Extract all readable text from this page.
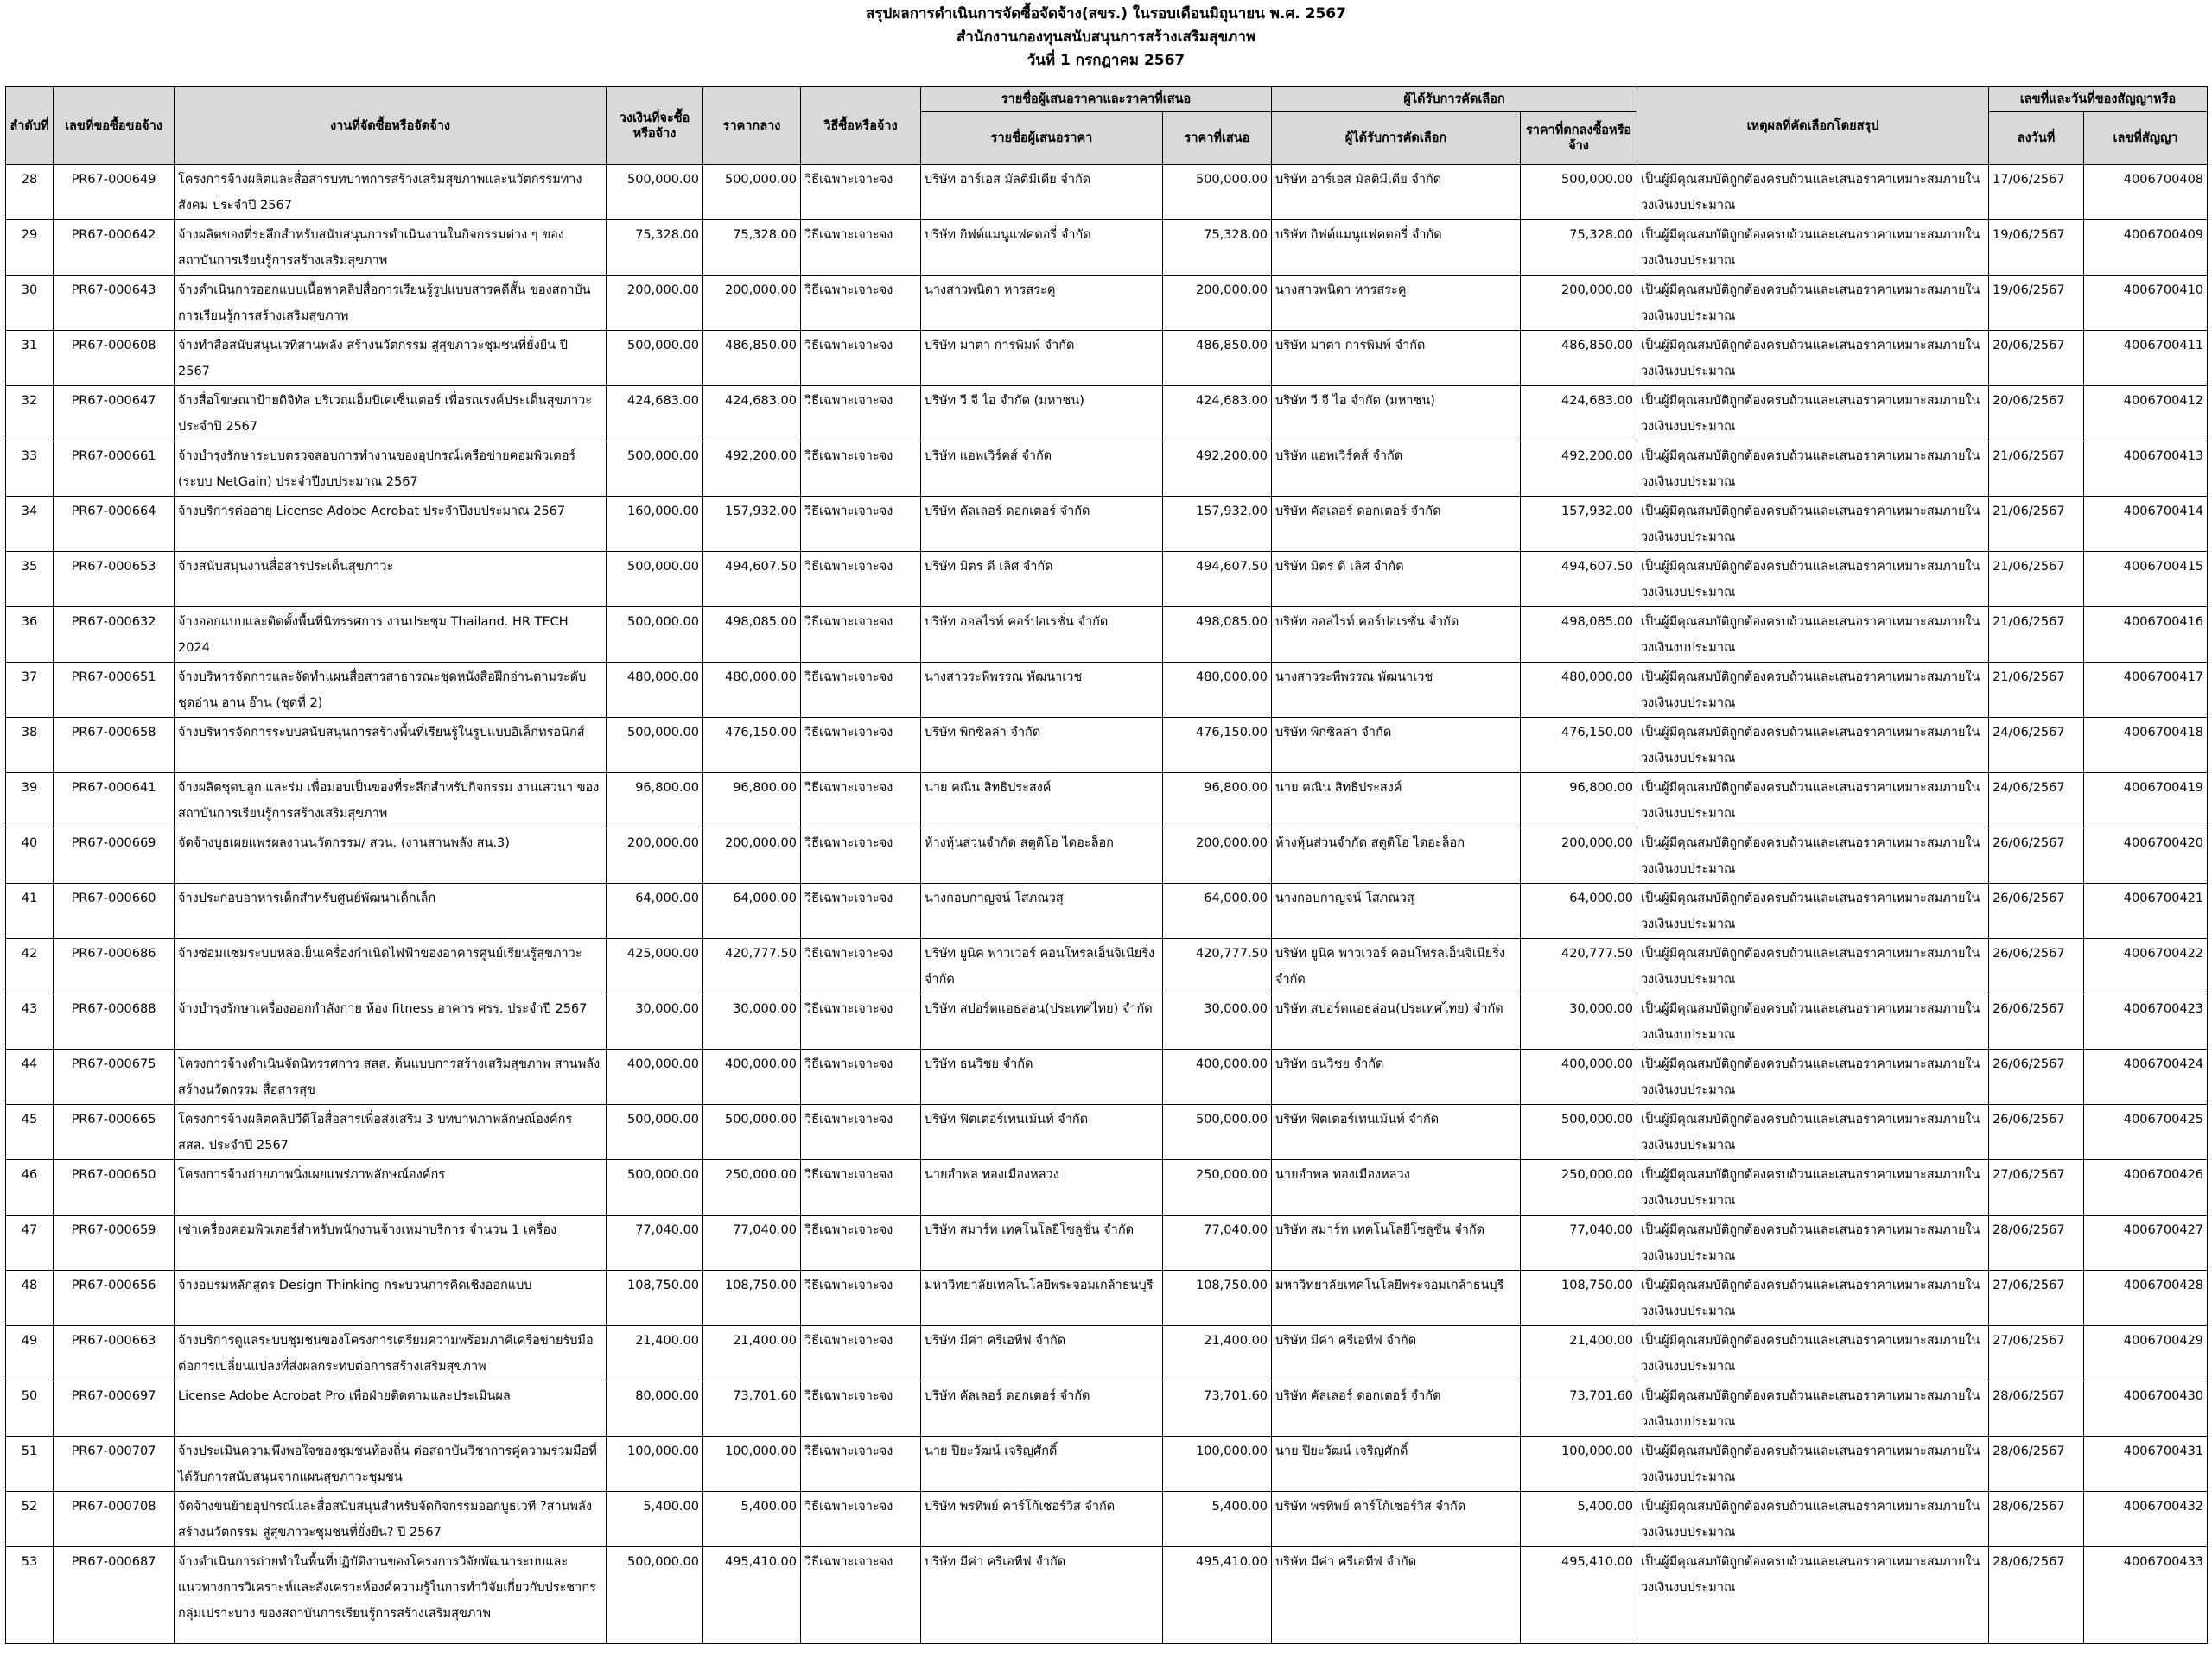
สรุปผลการดำเนินการจัดซื้อจัดจ้าง(สขร.) ในรอบเดือนมิถุนายน พ.ศ. 2567
สำนักงานกองทุนสนับสนุนการสร้างเสริมสุขภาพ
วันที่ 1 กรกฎาคม 2567
ลำดับที่	เลขที่ขอซื้อขอจ้าง	งานที่จัดซื้อหรือจัดจ้าง	วงเงินที่จะซื้อหรือจ้าง	ราคากลาง	วิธีซื้อหรือจ้าง	รายชื่อผู้เสนอราคาและราคาที่เสนอ		ผู้ได้รับการคัดเลือก		เหตุผลที่คัดเลือกโดยสรุป	เลขที่และวันที่ของสัญญาหรือ	
						รายชื่อผู้เสนอราคา	ราคาที่เสนอ	ผู้ได้รับการคัดเลือก	ราคาที่ตกลงซื้อหรือจ้าง		ลงวันที่	เลขที่สัญญา
28	PR67-000649	โครงการจ้างผลิตและสื่อสารบทบาทการสร้างเสริมสุขภาพและนวัตกรรมทางสังคม ประจำปี 2567	500,000.00	500,000.00	วิธีเฉพาะเจาะจง	บริษัท อาร์เอส มัลติมีเดีย จำกัด	500,000.00	บริษัท อาร์เอส มัลติมีเดีย จำกัด	500,000.00	เป็นผู้มีคุณสมบัติถูกต้องครบถ้วนและเสนอราคาเหมาะสมภายในวงเงินงบประมาณ	17/06/2567	4006700408
29	PR67-000642	จ้างผลิตของที่ระลึกสำหรับสนับสนุนการดำเนินงานในกิจกรรมต่าง ๆ ของสถาบันการเรียนรู้การสร้างเสริมสุขภาพ	75,328.00	75,328.00	วิธีเฉพาะเจาะจง	บริษัท กิฟต์แมนูแฟคตอรี่ จำกัด	75,328.00	บริษัท กิฟต์แมนูแฟคตอรี่ จำกัด	75,328.00	เป็นผู้มีคุณสมบัติถูกต้องครบถ้วนและเสนอราคาเหมาะสมภายในวงเงินงบประมาณ	19/06/2567	4006700409
30	PR67-000643	จ้างดำเนินการออกแบบเนื้อหาคลิปสื่อการเรียนรู้รูปแบบสารคดีสั้น ของสถาบันการเรียนรู้การสร้างเสริมสุขภาพ	200,000.00	200,000.00	วิธีเฉพาะเจาะจง	นางสาวพนิดา หารสระคู	200,000.00	นางสาวพนิดา หารสระคู	200,000.00	เป็นผู้มีคุณสมบัติถูกต้องครบถ้วนและเสนอราคาเหมาะสมภายในวงเงินงบประมาณ	19/06/2567	4006700410
31	PR67-000608	จ้างทำสื่อสนับสนุนเวทีสานพลัง สร้างนวัตกรรม สู่สุขภาวะชุมชนที่ยั่งยืน ปี 2567	500,000.00	486,850.00	วิธีเฉพาะเจาะจง	บริษัท มาตา การพิมพ์ จำกัด	486,850.00	บริษัท มาตา การพิมพ์ จำกัด	486,850.00	เป็นผู้มีคุณสมบัติถูกต้องครบถ้วนและเสนอราคาเหมาะสมภายในวงเงินงบประมาณ	20/06/2567	4006700411
32	PR67-000647	จ้างสื่อโฆษณาป้ายดิจิทัล บริเวณเอ็มบีเคเซ็นเตอร์ เพื่อรณรงค์ประเด็นสุขภาวะ ประจำปี 2567	424,683.00	424,683.00	วิธีเฉพาะเจาะจง	บริษัท วี จี ไอ จำกัด (มหาชน)	424,683.00	บริษัท วี จี ไอ จำกัด (มหาชน)	424,683.00	เป็นผู้มีคุณสมบัติถูกต้องครบถ้วนและเสนอราคาเหมาะสมภายในวงเงินงบประมาณ	20/06/2567	4006700412
33	PR67-000661	จ้างบำรุงรักษาระบบตรวจสอบการทำงานของอุปกรณ์เครือข่ายคอมพิวเตอร์ (ระบบ NetGain) ประจำปีงบประมาณ 2567	500,000.00	492,200.00	วิธีเฉพาะเจาะจง	บริษัท แอพเวิร์คส์ จำกัด	492,200.00	บริษัท แอพเวิร์คส์ จำกัด	492,200.00	เป็นผู้มีคุณสมบัติถูกต้องครบถ้วนและเสนอราคาเหมาะสมภายในวงเงินงบประมาณ	21/06/2567	4006700413
34	PR67-000664	จ้างบริการต่ออายุ License Adobe Acrobat ประจำปีงบประมาณ 2567	160,000.00	157,932.00	วิธีเฉพาะเจาะจง	บริษัท คัลเลอร์ ดอกเตอร์ จำกัด	157,932.00	บริษัท คัลเลอร์ ดอกเตอร์ จำกัด	157,932.00	เป็นผู้มีคุณสมบัติถูกต้องครบถ้วนและเสนอราคาเหมาะสมภายในวงเงินงบประมาณ	21/06/2567	4006700414
35	PR67-000653	จ้างสนับสนุนงานสื่อสารประเด็นสุขภาวะ	500,000.00	494,607.50	วิธีเฉพาะเจาะจง	บริษัท มิตร ดี เลิศ จำกัด	494,607.50	บริษัท มิตร ดี เลิศ จำกัด	494,607.50	เป็นผู้มีคุณสมบัติถูกต้องครบถ้วนและเสนอราคาเหมาะสมภายในวงเงินงบประมาณ	21/06/2567	4006700415
36	PR67-000632	จ้างออกแบบและติดตั้งพื้นที่นิทรรศการ งานประชุม Thailand. HR TECH 2024	500,000.00	498,085.00	วิธีเฉพาะเจาะจง	บริษัท ออลไรท์ คอร์ปอเรชั่น จำกัด	498,085.00	บริษัท ออลไรท์ คอร์ปอเรชั่น จำกัด	498,085.00	เป็นผู้มีคุณสมบัติถูกต้องครบถ้วนและเสนอราคาเหมาะสมภายในวงเงินงบประมาณ	21/06/2567	4006700416
37	PR67-000651	จ้างบริหารจัดการและจัดทำแผนสื่อสารสาธารณะชุดหนังสือฝึกอ่านตามระดับชุดอ่าน อาน อ๊าน (ชุดที่ 2)	480,000.00	480,000.00	วิธีเฉพาะเจาะจง	นางสาวระพีพรรณ พัฒนาเวช	480,000.00	นางสาวระพีพรรณ พัฒนาเวช	480,000.00	เป็นผู้มีคุณสมบัติถูกต้องครบถ้วนและเสนอราคาเหมาะสมภายในวงเงินงบประมาณ	21/06/2567	4006700417
38	PR67-000658	จ้างบริหารจัดการระบบสนับสนุนการสร้างพื้นที่เรียนรู้ในรูปแบบอิเล็กทรอนิกส์	500,000.00	476,150.00	วิธีเฉพาะเจาะจง	บริษัท พิกซิลล่า จำกัด	476,150.00	บริษัท พิกซิลล่า จำกัด	476,150.00	เป็นผู้มีคุณสมบัติถูกต้องครบถ้วนและเสนอราคาเหมาะสมภายในวงเงินงบประมาณ	24/06/2567	4006700418
39	PR67-000641	จ้างผลิตชุดปลูก และร่ม เพื่อมอบเป็นของที่ระลึกสำหรับกิจกรรม งานเสวนา ของสถาบันการเรียนรู้การสร้างเสริมสุขภาพ	96,800.00	96,800.00	วิธีเฉพาะเจาะจง	นาย คณิน สิทธิประสงค์	96,800.00	นาย คณิน สิทธิประสงค์	96,800.00	เป็นผู้มีคุณสมบัติถูกต้องครบถ้วนและเสนอราคาเหมาะสมภายในวงเงินงบประมาณ	24/06/2567	4006700419
40	PR67-000669	จัดจ้างบูธเผยแพร่ผลงานนวัตกรรม/ สวน. (งานสานพลัง สน.3)	200,000.00	200,000.00	วิธีเฉพาะเจาะจง	ห้างหุ้นส่วนจำกัด สตูดิโอ ไดอะล็อก	200,000.00	ห้างหุ้นส่วนจำกัด สตูดิโอ ไดอะล็อก	200,000.00	เป็นผู้มีคุณสมบัติถูกต้องครบถ้วนและเสนอราคาเหมาะสมภายในวงเงินงบประมาณ	26/06/2567	4006700420
41	PR67-000660	จ้างประกอบอาหารเด็กสำหรับศูนย์พัฒนาเด็กเล็ก	64,000.00	64,000.00	วิธีเฉพาะเจาะจง	นางกอบกาญจน์ โสภณวสุ	64,000.00	นางกอบกาญจน์ โสภณวสุ	64,000.00	เป็นผู้มีคุณสมบัติถูกต้องครบถ้วนและเสนอราคาเหมาะสมภายในวงเงินงบประมาณ	26/06/2567	4006700421
42	PR67-000686	จ้างซ่อมแซมระบบหล่อเย็นเครื่องกำเนิดไฟฟ้าของอาคารศูนย์เรียนรู้สุขภาวะ	425,000.00	420,777.50	วิธีเฉพาะเจาะจง	บริษัท ยูนิค พาวเวอร์ คอนโทรลเอ็นจิเนียริ่ง จำกัด	420,777.50	บริษัท ยูนิค พาวเวอร์ คอนโทรลเอ็นจิเนียริ่ง จำกัด	420,777.50	เป็นผู้มีคุณสมบัติถูกต้องครบถ้วนและเสนอราคาเหมาะสมภายในวงเงินงบประมาณ	26/06/2567	4006700422
43	PR67-000688	จ้างบำรุงรักษาเครื่องออกกำลังกาย ห้อง fitness อาคาร ศรร. ประจำปี 2567	30,000.00	30,000.00	วิธีเฉพาะเจาะจง	บริษัท สปอร์ตแอธล่อน(ประเทศไทย) จำกัด	30,000.00	บริษัท สปอร์ตแอธล่อน(ประเทศไทย) จำกัด	30,000.00	เป็นผู้มีคุณสมบัติถูกต้องครบถ้วนและเสนอราคาเหมาะสมภายในวงเงินงบประมาณ	26/06/2567	4006700423
44	PR67-000675	โครงการจ้างดำเนินจัดนิทรรศการ สสส. ต้นแบบการสร้างเสริมสุขภาพ สานพลัง สร้างนวัตกรรม สื่อสารสุข	400,000.00	400,000.00	วิธีเฉพาะเจาะจง	บริษัท ธนวิชย จำกัด	400,000.00	บริษัท ธนวิชย จำกัด	400,000.00	เป็นผู้มีคุณสมบัติถูกต้องครบถ้วนและเสนอราคาเหมาะสมภายในวงเงินงบประมาณ	26/06/2567	4006700424
45	PR67-000665	โครงการจ้างผลิตคลิปวีดีโอสื่อสารเพื่อส่งเสริม 3 บทบาทภาพลักษณ์องค์กร สสส. ประจำปี 2567	500,000.00	500,000.00	วิธีเฉพาะเจาะจง	บริษัท ฟิตเตอร์เทนเม้นท์ จำกัด	500,000.00	บริษัท ฟิตเตอร์เทนเม้นท์ จำกัด	500,000.00	เป็นผู้มีคุณสมบัติถูกต้องครบถ้วนและเสนอราคาเหมาะสมภายในวงเงินงบประมาณ	26/06/2567	4006700425
46	PR67-000650	โครงการจ้างถ่ายภาพนิ่งเผยแพร่ภาพลักษณ์องค์กร	500,000.00	250,000.00	วิธีเฉพาะเจาะจง	นายอำพล ทองเมืองหลวง	250,000.00	นายอำพล ทองเมืองหลวง	250,000.00	เป็นผู้มีคุณสมบัติถูกต้องครบถ้วนและเสนอราคาเหมาะสมภายในวงเงินงบประมาณ	27/06/2567	4006700426
47	PR67-000659	เช่าเครื่องคอมพิวเตอร์สำหรับพนักงานจ้างเหมาบริการ จำนวน 1 เครื่อง	77,040.00	77,040.00	วิธีเฉพาะเจาะจง	บริษัท สมาร์ท เทคโนโลยีโซลูชั่น จำกัด	77,040.00	บริษัท สมาร์ท เทคโนโลยีโซลูชั่น จำกัด	77,040.00	เป็นผู้มีคุณสมบัติถูกต้องครบถ้วนและเสนอราคาเหมาะสมภายในวงเงินงบประมาณ	28/06/2567	4006700427
48	PR67-000656	จ้างอบรมหลักสูตร Design Thinking กระบวนการคิดเชิงออกแบบ	108,750.00	108,750.00	วิธีเฉพาะเจาะจง	มหาวิทยาลัยเทคโนโลยีพระจอมเกล้าธนบุรี	108,750.00	มหาวิทยาลัยเทคโนโลยีพระจอมเกล้าธนบุรี	108,750.00	เป็นผู้มีคุณสมบัติถูกต้องครบถ้วนและเสนอราคาเหมาะสมภายในวงเงินงบประมาณ	27/06/2567	4006700428
49	PR67-000663	จ้างบริการดูแลระบบชุมชนของโครงการเตรียมความพร้อมภาคีเครือข่ายรับมือต่อการเปลี่ยนแปลงที่ส่งผลกระทบต่อการสร้างเสริมสุขภาพ	21,400.00	21,400.00	วิธีเฉพาะเจาะจง	บริษัท มีค่า ครีเอทีฟ จำกัด	21,400.00	บริษัท มีค่า ครีเอทีฟ จำกัด	21,400.00	เป็นผู้มีคุณสมบัติถูกต้องครบถ้วนและเสนอราคาเหมาะสมภายในวงเงินงบประมาณ	27/06/2567	4006700429
50	PR67-000697	License Adobe Acrobat Pro เพื่อฝ่ายติดตามและประเมินผล	80,000.00	73,701.60	วิธีเฉพาะเจาะจง	บริษัท คัลเลอร์ ดอกเตอร์ จำกัด	73,701.60	บริษัท คัลเลอร์ ดอกเตอร์ จำกัด	73,701.60	เป็นผู้มีคุณสมบัติถูกต้องครบถ้วนและเสนอราคาเหมาะสมภายในวงเงินงบประมาณ	28/06/2567	4006700430
51	PR67-000707	จ้างประเมินความพึงพอใจของชุมชนท้องถิ่น ต่อสถาบันวิชาการคู่ความร่วมมือที่ได้รับการสนับสนุนจากแผนสุขภาวะชุมชน	100,000.00	100,000.00	วิธีเฉพาะเจาะจง	นาย ปิยะวัฒน์ เจริญศักดิ์	100,000.00	นาย ปิยะวัฒน์ เจริญศักดิ์	100,000.00	เป็นผู้มีคุณสมบัติถูกต้องครบถ้วนและเสนอราคาเหมาะสมภายในวงเงินงบประมาณ	28/06/2567	4006700431
52	PR67-000708	จัดจ้างขนย้ายอุปกรณ์และสื่อสนับสนุนสำหรับจัดกิจกรรมออกบูธเวที ?สานพลัง สร้างนวัตกรรม สู่สุขภาวะชุมชนที่ยั่งยืน? ปี 2567	5,400.00	5,400.00	วิธีเฉพาะเจาะจง	บริษัท พรทิพย์ คาร์โก้เซอร์วิส จำกัด	5,400.00	บริษัท พรทิพย์ คาร์โก้เซอร์วิส จำกัด	5,400.00	เป็นผู้มีคุณสมบัติถูกต้องครบถ้วนและเสนอราคาเหมาะสมภายในวงเงินงบประมาณ	28/06/2567	4006700432
53	PR67-000687	จ้างดำเนินการถ่ายทำในพื้นที่ปฏิบัติงานของโครงการวิจัยพัฒนาระบบและแนวทางการวิเคราะห์และสังเคราะห์องค์ความรู้ในการทำวิจัยเกี่ยวกับประชากรกลุ่มเปราะบาง ของสถาบันการเรียนรู้การสร้างเสริมสุขภาพ	500,000.00	495,410.00	วิธีเฉพาะเจาะจง	บริษัท มีค่า ครีเอทีฟ จำกัด	495,410.00	บริษัท มีค่า ครีเอทีฟ จำกัด	495,410.00	เป็นผู้มีคุณสมบัติถูกต้องครบถ้วนและเสนอราคาเหมาะสมภายในวงเงินงบประมาณ	28/06/2567	4006700433
